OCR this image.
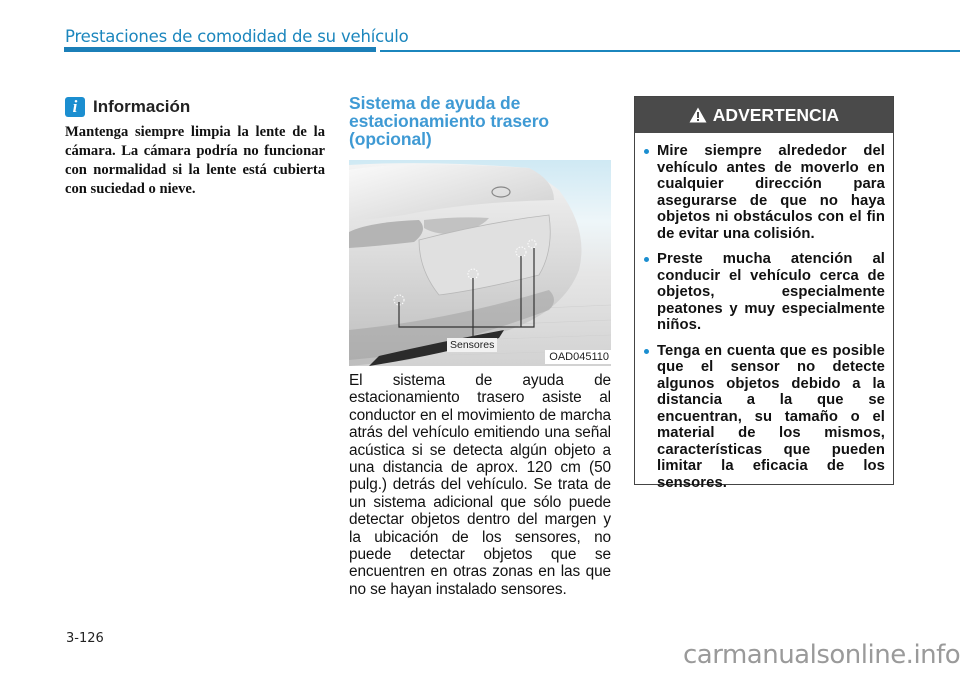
Prestaciones de comodidad de su vehículo
i Información
Mantenga siempre limpia la lente de la cámara. La cámara podría no funcionar con normalidad si la lente está cubierta con suciedad o nieve.
Sistema de ayuda de estacionamiento trasero (opcional)
Sensores
OAD045110
El sistema de ayuda de estacionamiento trasero asiste al conductor en el movimiento de marcha atrás del vehículo emitiendo una señal acústica si se detecta algún objeto a una distancia de aprox. 120 cm (50 pulg.) detrás del vehículo. Se trata de un sistema adicional que sólo puede detectar objetos dentro del margen y la ubicación de los sensores, no puede detectar objetos que se encuentren en otras zonas en las que no se hayan instalado sensores.
ADVERTENCIA
Mire siempre alrededor del vehículo antes de moverlo en cualquier dirección para asegurarse de que no haya objetos ni obstáculos con el fin de evitar una colisión.
Preste mucha atención al conducir el vehículo cerca de objetos, especialmente peatones y muy especialmente niños.
Tenga en cuenta que es posible que el sensor no detecte algunos objetos debido a la distancia a la que se encuentran, su tamaño o el material de los mismos, características que pueden limitar la eficacia de los sensores.
3-126
carmanualsonline.info
